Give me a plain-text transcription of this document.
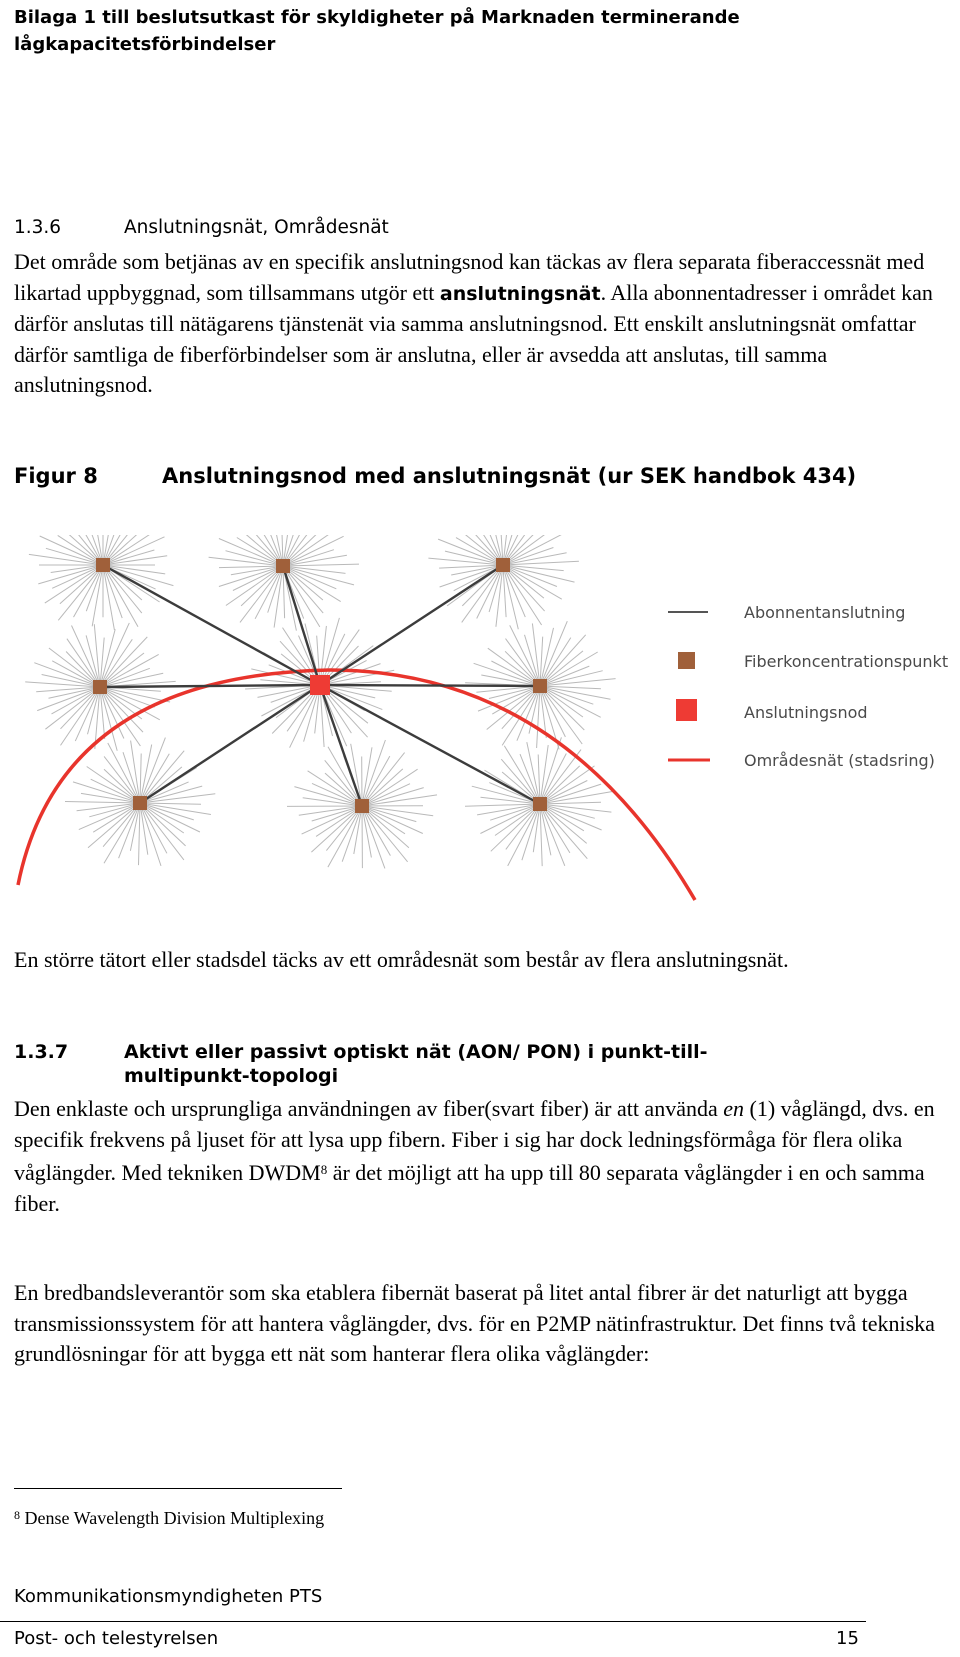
Bilaga 1 till beslutsutkast för skyldigheter på Marknaden terminerande
lågkapacitetsförbindelser
1.3.6	Anslutningsnät, Områdesnät
Det område som betjänas av en specifik anslutningsnod kan täckas av flera separata fiberaccessnät med likartad uppbyggnad, som tillsammans utgör ett anslutningsnät. Alla abonnentadresser i området kan därför anslutas till nätägarens tjänstenät via samma anslutningsnod. Ett enskilt anslutningsnät omfattar därför samtliga de fiberförbindelser som är anslutna, eller är avsedda att anslutas, till samma anslutningsnod.
Figur 8	Anslutningsnod med anslutningsnät (ur SEK handbok 434)
Abonnentanslutning
Fiberkoncentrationspunkt
Anslutningsnod
Områdesnät (stadsring)
En större tätort eller stadsdel täcks av ett områdesnät som består av flera anslutningsnät.
1.3.7	Aktivt eller passivt optiskt nät (AON/ PON) i punkt-till-multipunkt-topologi
Den enklaste och ursprungliga användningen av fiber(svart fiber) är att använda en (1) våglängd, dvs. en specifik frekvens på ljuset för att lysa upp fibern. Fiber i sig har dock ledningsförmåga för flera olika våglängder. Med tekniken DWDM$^8$ är det möjligt att ha upp till 80 separata våglängder i en och samma fiber.
En bredbandsleverantör som ska etablera fibernät baserat på litet antal fibrer är det naturligt att bygga transmissionssystem för att hantera våglängder, dvs. för en P2MP nätinfrastruktur. Det finns två tekniska grundlösningar för att bygga ett nät som hanterar flera olika våglängder:
$^8$ Dense Wavelength Division Multiplexing
Kommunikationsmyndigheten PTS
Post- och telestyrelsen	15
